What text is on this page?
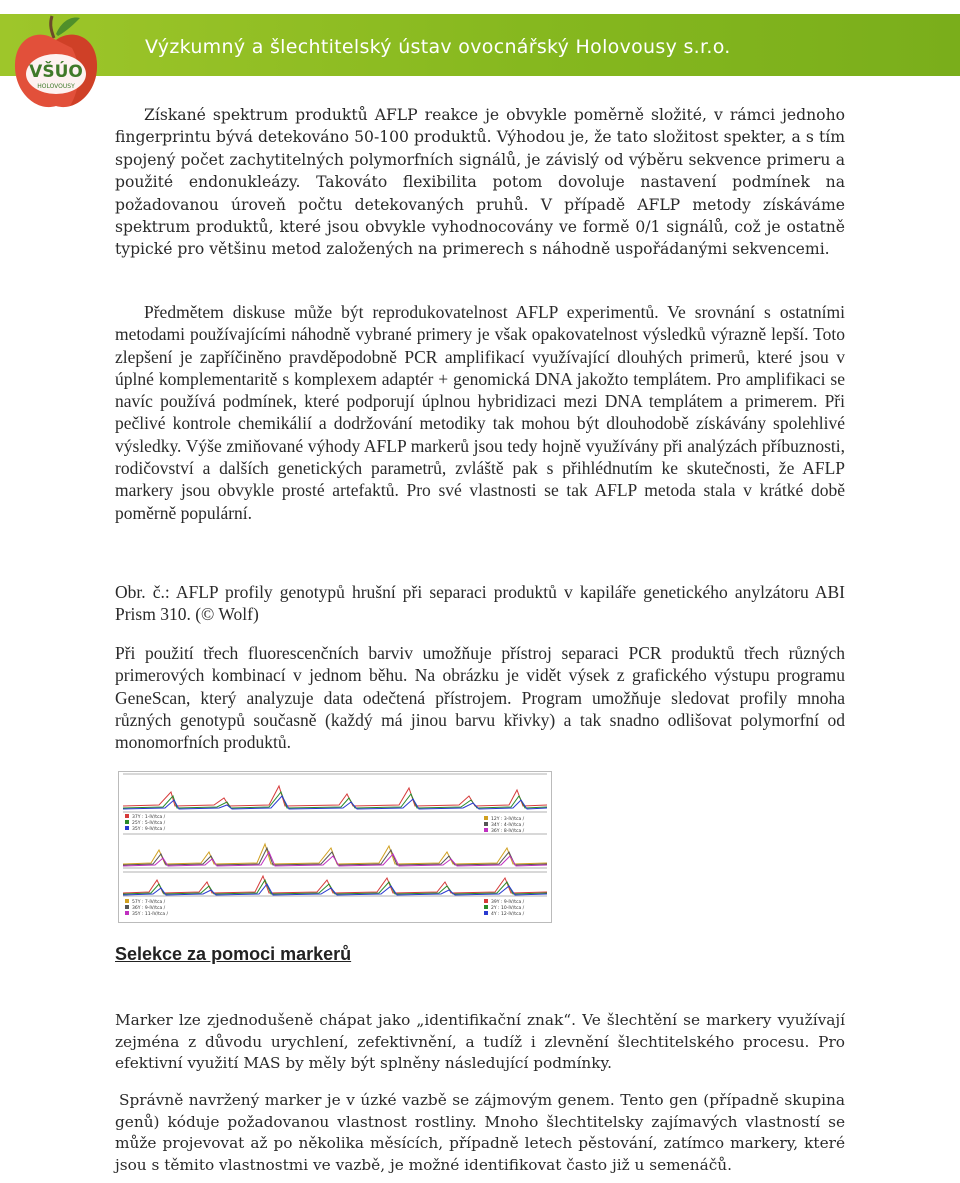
Výzkumný a šlechtitelský ústav ovocnářský Holovousy s.r.o.
VŠÚO
HOLOVOUSY

Získané spektrum produktů AFLP reakce je obvykle poměrně složité, v rámci jednoho fingerprintu bývá detekováno 50-100 produktů. Výhodou je, že tato složitost spekter, a s tím spojený počet zachytitelných polymorfních signálů, je závislý od výběru sekvence primeru a použité endonukleázy. Takováto flexibilita potom dovoluje nastavení podmínek na požadovanou úroveň počtu detekovaných pruhů. V případě AFLP metody získáváme spektrum produktů, které jsou obvykle vyhodnocovány ve formě 0/1 signálů, což je ostatně typické pro většinu metod založených na primerech s náhodně uspořádanými sekvencemi.

Předmětem diskuse může být reprodukovatelnost AFLP experimentů. Ve srovnání s ostatními metodami používajícími náhodně vybrané primery je však opakovatelnost výsledků výrazně lepší. Toto zlepšení je zapříčiněno pravděpodobně PCR amplifikací využívající dlouhých primerů, které jsou v úplné komplementaritě s komplexem adaptér + genomická DNA jakožto templátem. Pro amplifikaci se navíc používá podmínek, které podporují úplnou hybridizaci mezi DNA templátem a primerem. Při pečlivé kontrole chemikálií a dodržování metodiky tak mohou být dlouhodobě získávány spolehlivé výsledky. Výše zmiňované výhody AFLP markerů jsou tedy hojně využívány při analýzách příbuznosti, rodičovství a dalších genetických parametrů, zvláště pak s přihlédnutím ke skutečnosti, že AFLP markery jsou obvykle prosté artefaktů. Pro své vlastnosti se tak AFLP metoda stala v krátké době poměrně populární.

Obr. č.: AFLP profily genotypů hrušní při separaci produktů v kapiláře genetického anylzátoru ABI Prism 310. (© Wolf)

Při použití třech fluorescenčních barviv umožňuje přístroj separaci PCR produktů třech různých primerových kombinací v jednom běhu. Na obrázku je vidět výsek z grafického výstupu programu GeneScan, který analyzuje data odečtená přístrojem. Program umožňuje sledovat profily mnoha různých genotypů současně (každý má jinou barvu křivky) a tak snadno odlišovat polymorfní od monomorfních produktů.

37Y : 1-IV/tca /
25Y : 5-IV/tca /
35Y : 9-IV/tca /
12Y : 3-IV/tca /
34Y : 4-IV/tca /
36Y : 8-IV/tca /
57Y : 7-IV/tca /
36Y : 9-IV/tca /
35Y : 11-IV/tca /
39Y : 9-IV/tca /
2Y : 10-IV/tca /
4Y : 12-IV/tca /
Selekce za pomoci markerů

Marker lze zjednodušeně chápat jako „identifikační znak“. Ve šlechtění se markery využívají zejména z důvodu urychlení, zefektivnění, a tudíž i zlevnění šlechtitelského procesu. Pro efektivní využití MAS by měly být splněny následující podmínky.

Správně navržený marker je v úzké vazbě se zájmovým genem. Tento gen (případně skupina genů) kóduje požadovanou vlastnost rostliny. Mnoho šlechtitelsky zajímavých vlastností se může projevovat až po několika měsících, případně letech pěstování, zatímco markery, které jsou s těmito vlastnostmi ve vazbě, je možné identifikovat často již u semenáčů.
